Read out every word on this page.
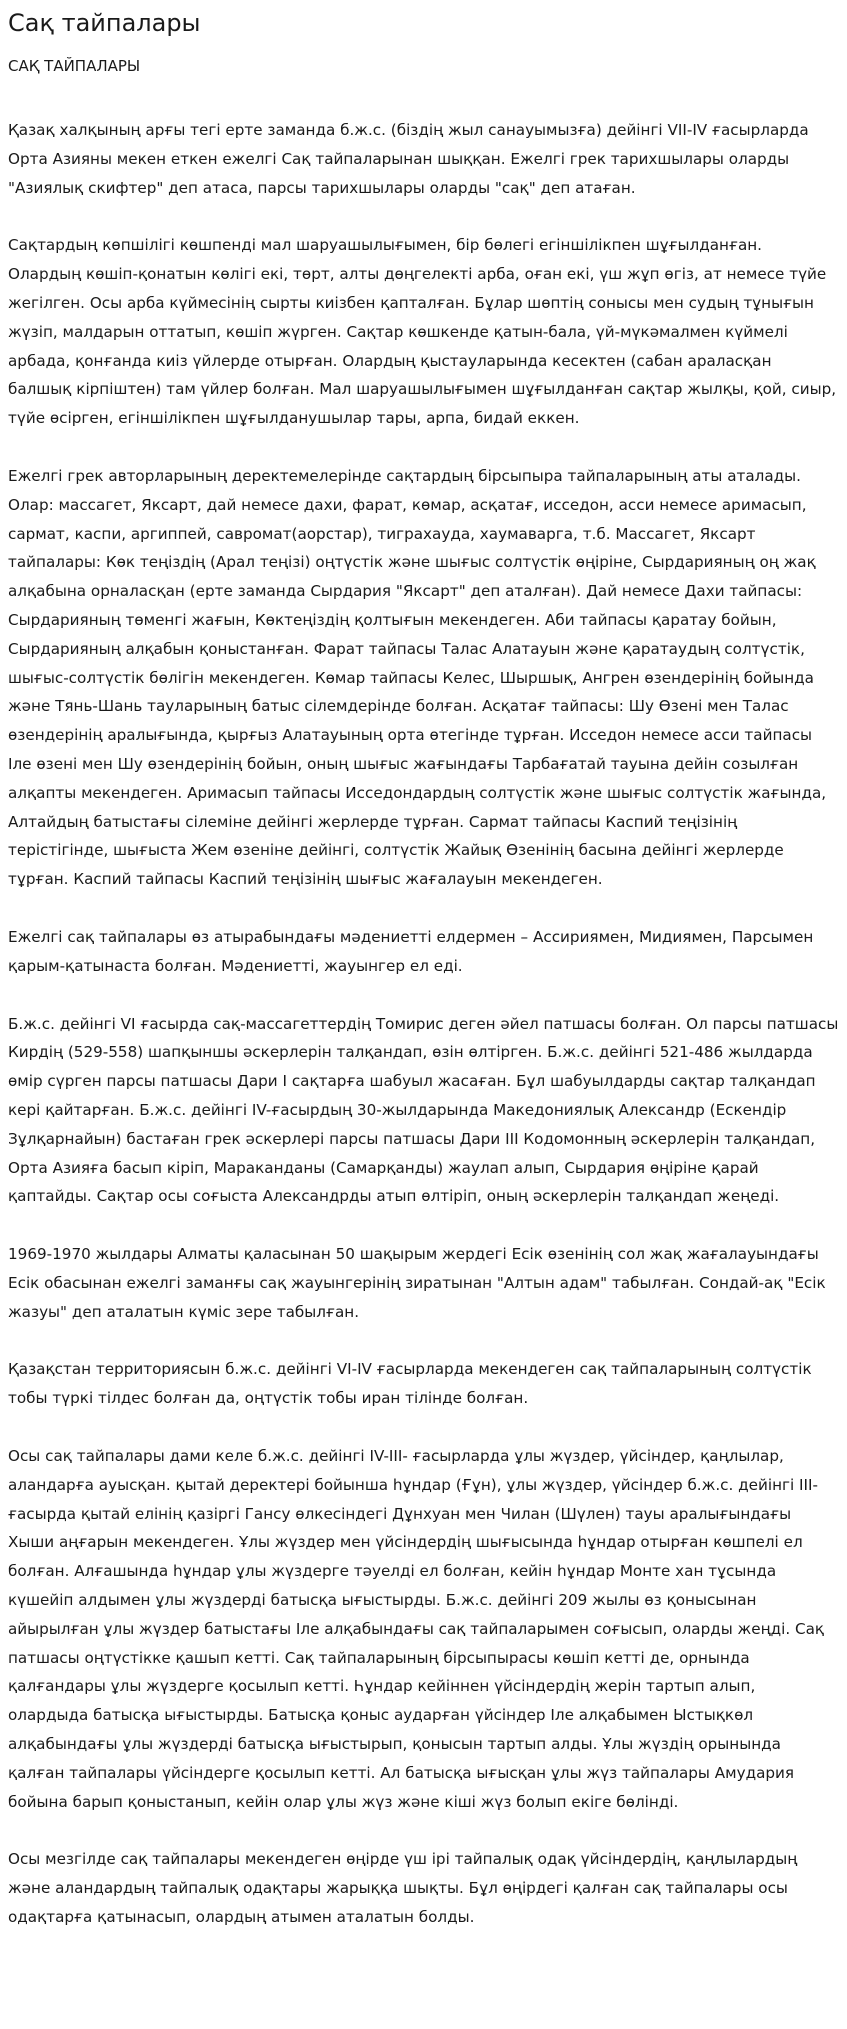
Сақ тайпалары
САҚ ТАЙПАЛАРЫ

Қазақ халқының арғы тегі ерте заманда б.ж.с. (біздің жыл санауымызға) дейінгі VII-IV ғасырларда Орта Азияны мекен еткен ежелгі Сақ тайпаларынан шыққан. Ежелгі грек тарихшылары оларды "Азиялық скифтер" деп атаса, парсы тарихшылары оларды "сақ" деп атаған.

Сақтардың көпшілігі көшпенді мал шаруашылығымен, бір бөлегі егіншілікпен шұғылданған. Олардың көшіп-қонатын көлігі екі, төрт, алты дөңгелекті арба, оған екі, үш жұп өгіз, ат немесе түйе жегілген. Осы арба күймесінің сырты киізбен қапталған. Бұлар шөптің сонысы мен судың тұнығын жүзіп, малдарын оттатып, көшіп жүрген. Сақтар көшкенде қатын-бала, үй-мүкәмалмен күймелі арбада, қонғанда киіз үйлерде отырған. Олардың қыстауларында кесектен (сабан араласқан балшық кірпіштен) там үйлер болған. Мал шаруашылығымен шұғылданған сақтар жылқы, қой, сиыр, түйе өсірген, егіншілікпен шұғылданушылар тары, арпа, бидай еккен.

Ежелгі грек авторларының деректемелерінде сақтардың бірсыпыра тайпаларының аты аталады. Олар: массагет, Яксарт, дай немесе дахи, фарат, көмар, асқатағ, исседон, асси немесе аримасып, сармат, каспи, аргиппей, савромат(аорстар), тиграхауда, хаумаварга, т.б. Массагет, Яксарт тайпалары: Көк теңіздің (Арал теңізі) оңтүстік және шығыс солтүстік өңіріне, Сырдарияның оң жақ алқабына орналасқан (ерте заманда Сырдария "Яксарт" деп аталған). Дай немесе Дахи тайпасы: Сырдарияның төменгі жағын, Көктеңіздің қолтығын мекендеген. Аби тайпасы қаратау бойын, Сырдарияның алқабын қоныстанған. Фарат тайпасы Талас Алатауын және қаратаудың солтүстік, шығыс-солтүстік бөлігін мекендеген. Көмар тайпасы Келес, Шыршық, Ангрен өзендерінің бойында және Тянь-Шань тауларының батыс сілемдерінде болған. Асқатағ тайпасы: Шу Өзені мен Талас өзендерінің аралығында, қырғыз Алатауының орта өтегінде тұрған. Исседон немесе асси тайпасы Іле өзені мен Шу өзендерінің бойын, оның шығыс жағындағы Тарбағатай тауына дейін созылған алқапты мекендеген. Аримасып тайпасы Исседондардың солтүстік және шығыс солтүстік жағында, Алтайдың батыстағы сілеміне дейінгі жерлерде тұрған. Сармат тайпасы Каспий теңізінің терістігінде, шығыста Жем өзеніне дейінгі, солтүстік Жайық Өзенінің басына дейінгі жерлерде тұрған. Каспий тайпасы Каспий теңізінің шығыс жағалауын мекендеген.

Ежелгі сақ тайпалары өз атырабындағы мәдениетті елдермен – Ассириямен, Мидиямен, Парсымен қарым-қатынаста болған. Мәдениетті, жауынгер ел еді.

Б.ж.с. дейінгі VI ғасырда сақ-массагеттердің Томирис деген әйел патшасы болған. Ол парсы патшасы Кирдің (529-558) шапқыншы әскерлерін талқандап, өзін өлтірген. Б.ж.с. дейінгі 521-486 жылдарда өмір сүрген парсы патшасы Дари І сақтарға шабуыл жасаған. Бұл шабуылдарды сақтар талқандап кері қайтарған. Б.ж.с. дейінгі IV-ғасырдың 30-жылдарында Македониялық Александр (Ескендір Зұлқарнайын) бастаған грек әскерлері парсы патшасы Дари ІІІ Кодомонның әскерлерін талқандап, Орта Азияға басып кіріп, Мараканданы (Самарқанды) жаулап алып, Сырдария өңіріне қарай қаптайды. Сақтар осы соғыста Александрды атып өлтіріп, оның әскерлерін талқандап жеңеді.

1969-1970 жылдары Алматы қаласынан 50 шақырым жердегі Есік өзенінің сол жақ жағалауындағы Есік обасынан ежелгі заманғы сақ жауынгерінің зиратынан "Алтын адам" табылған. Сондай-ақ "Есік жазуы" деп аталатын күміс зере табылған.

Қазақстан территориясын б.ж.с. дейінгі VI-IV ғасырларда мекендеген сақ тайпаларының солтүстік тобы түркі тілдес болған да, оңтүстік тобы иран тілінде болған.

Осы сақ тайпалары дами келе б.ж.с. дейінгі IV-III- ғасырларда ұлы жүздер, үйсіндер, қаңлылар, аландарға ауысқан. қытай деректері бойынша һұндар (Ғұн), ұлы жүздер, үйсіндер б.ж.с. дейінгі III-ғасырда қытай елінің қазіргі Гансу өлкесіндегі Дұнхуан мен Чилан (Шүлен) тауы аралығындағы Хыши аңғарын мекендеген. Ұлы жүздер мен үйсіндердің шығысында һұндар отырған көшпелі ел болған. Алғашында һұндар ұлы жүздерге тәуелді ел болған, кейін һұндар Монте хан тұсында күшейіп алдымен ұлы жүздерді батысқа ығыстырды. Б.ж.с. дейінгі 209 жылы өз қонысынан айырылған ұлы жүздер батыстағы Іле алқабындағы сақ тайпаларымен соғысып, оларды жеңді. Сақ патшасы оңтүстікке қашып кетті. Сақ тайпаларының бірсыпырасы көшіп кетті де, орнында қалғандары ұлы жүздерге қосылып кетті. Һұндар кейіннен үйсіндердің жерін тартып алып, олардыда батысқа ығыстырды. Батысқа қоныс аударған үйсіндер Іле алқабымен Ыстықкөл алқабындағы ұлы жүздерді батысқа ығыстырып, қонысын тартып алды. Ұлы жүздің орынында қалған тайпалары үйсіндерге қосылып кетті. Ал батысқа ығысқан ұлы жүз тайпалары Амудария бойына барып қоныстанып, кейін олар ұлы жүз және кіші жүз болып екіге бөлінді.

Осы мезгілде сақ тайпалары мекендеген өңірде үш ірі тайпалық одақ үйсіндердің, қаңлылардың және аландардың тайпалық одақтары жарыққа шықты. Бұл өңірдегі қалған сақ тайпалары осы одақтарға қатынасып, олардың атымен аталатын болды.
